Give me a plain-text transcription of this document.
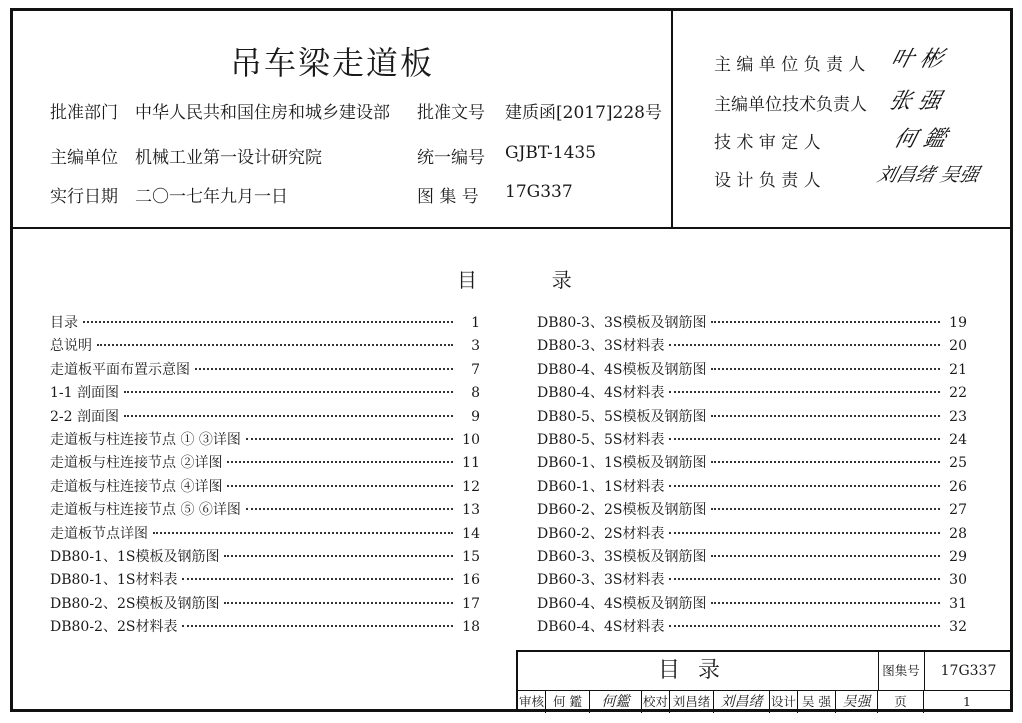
吊车梁走道板
批准部门 中华人民共和国住房和城乡建设部 批准文号 建质函[2017]228号
主编单位 机械工业第一设计研究院	统一编号 GJBT-1435
实行日期 二〇一七年九月一日	图 集 号 17G337
主 编 单 位 负 责 人 叶 彬
主编单位技术负责人 张 强
技 术 审 定 人	何 鑑
设 计 负 责 人	刘昌绪 吴强
目	录
目录	1
总说明	3
走道板平面布置示意图	7
1-1 剖面图	8
2-2 剖面图	9
走道板与柱连接节点 ① ③详图	10
走道板与柱连接节点 ②详图	11
走道板与柱连接节点 ④详图	12
走道板与柱连接节点 ⑤ ⑥详图	13
走道板节点详图	14
DB80-1、1S模板及钢筋图	15
DB80-1、1S材料表	16
DB80-2、2S模板及钢筋图	17
DB80-2、2S材料表	18
DB80-3、3S模板及钢筋图	19
DB80-3、3S材料表	20
DB80-4、4S模板及钢筋图	21
DB80-4、4S材料表	22
DB80-5、5S模板及钢筋图	23
DB80-5、5S材料表	24
DB60-1、1S模板及钢筋图	25
DB60-1、1S材料表	26
DB60-2、2S模板及钢筋图	27
DB60-2、2S材料表	28
DB60-3、3S模板及钢筋图	29
DB60-3、3S材料表	30
DB60-4、4S模板及钢筋图	31
DB60-4、4S材料表	32
目录	图集号	17G337
审核 何 鑑	何鑑	校对 刘昌绪 刘昌绪 设计 吴 强 吴强	页	1
